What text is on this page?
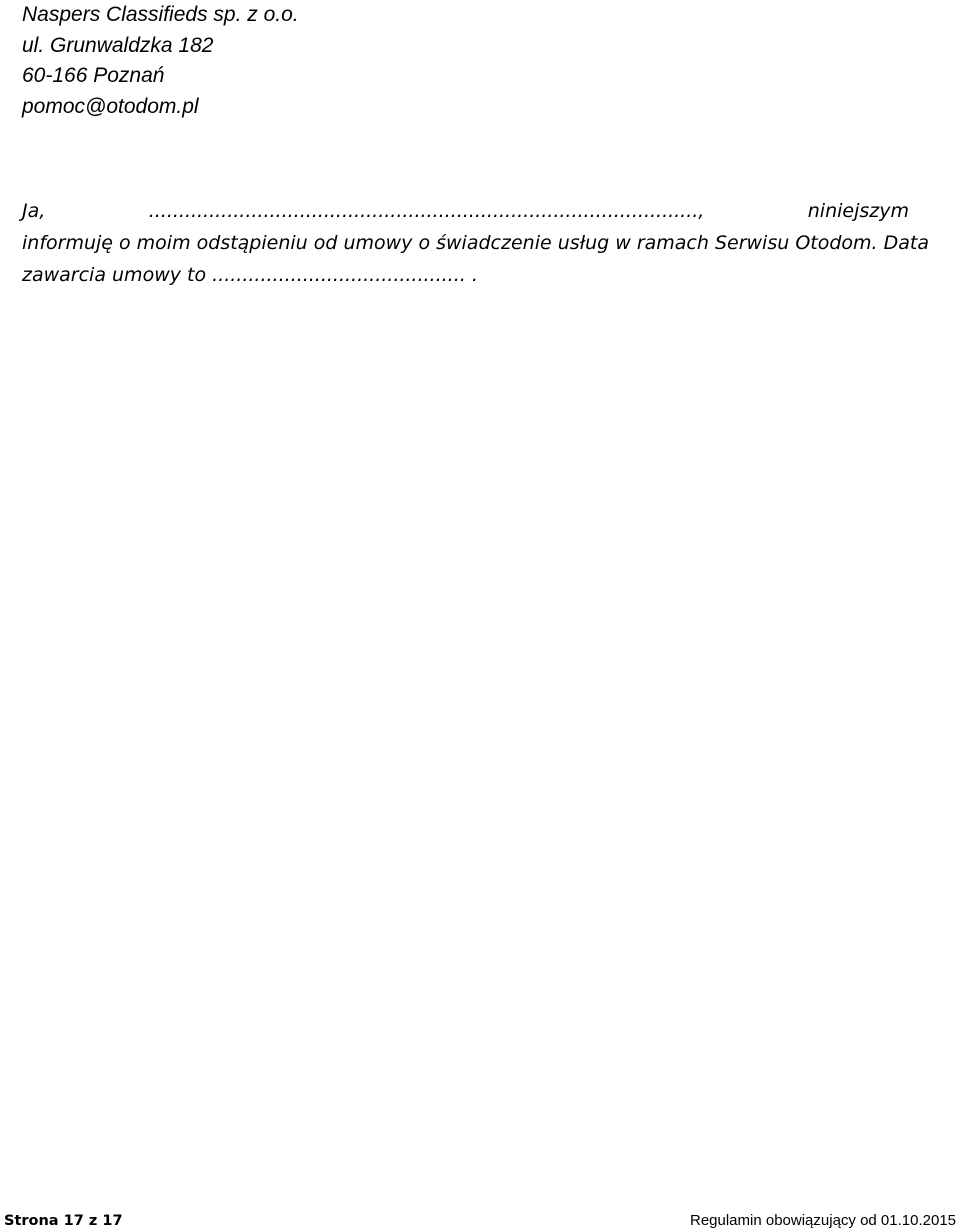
Naspers Classifieds sp. z o.o.
ul. Grunwaldzka 182
60-166 Poznań
pomoc@otodom.pl
Ja, ..........................................................................................., niniejszym
informuję o moim odstąpieniu od umowy o świadczenie usług w ramach Serwisu Otodom. Data
zawarcia umowy to .......................................... .
Strona 17 z 17	Regulamin obowiązujący od 01.10.2015
